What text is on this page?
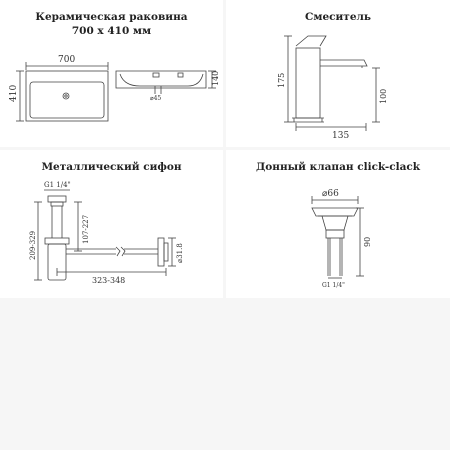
Керамическая раковина
700 х 410 мм
700
410	⌀45
140
Смеситель
175
100
135
Металлический сифон
G1 1/4"
209-329
107-227
323-348
⌀31.8
Донный клапан click-clack
⌀66
90
G1 1/4"
